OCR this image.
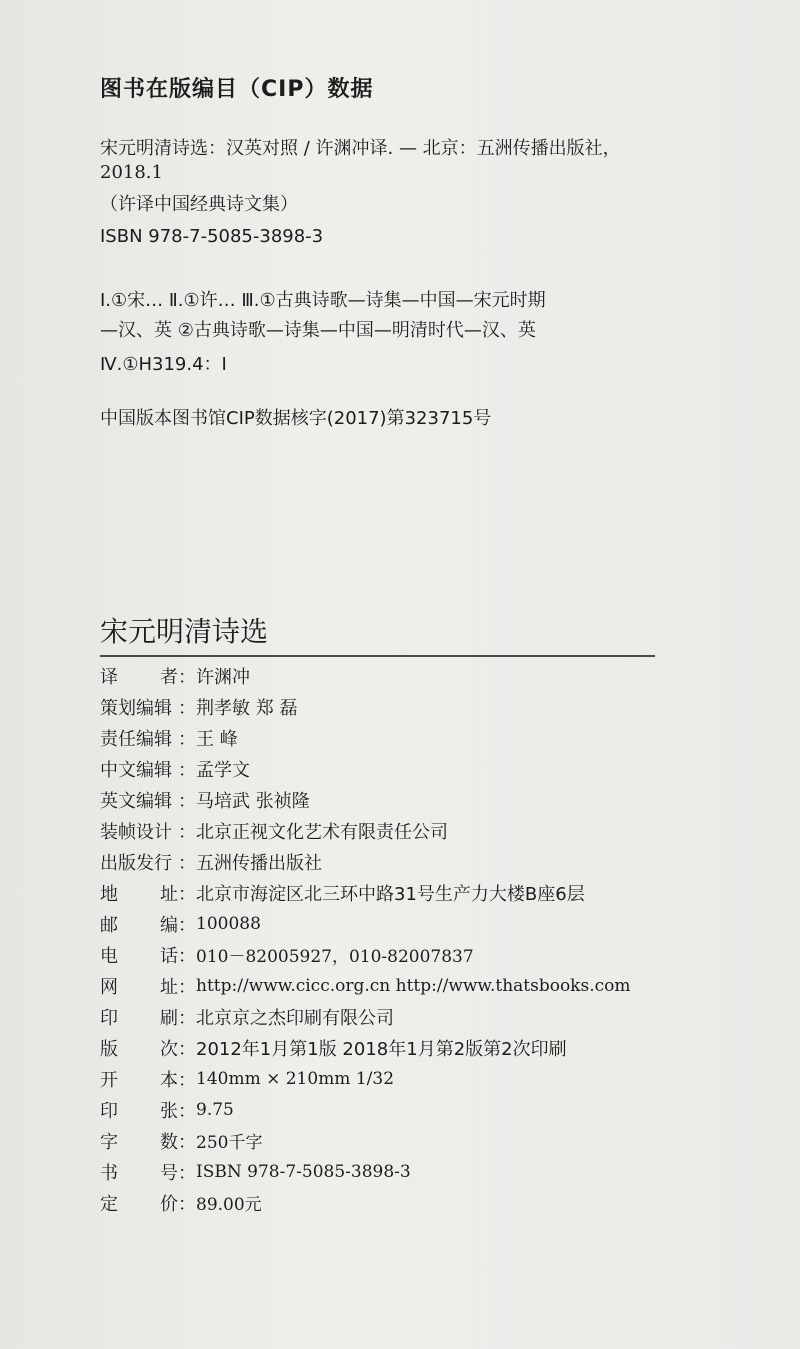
图书在版编目（CIP）数据
宋元明清诗选：汉英对照 / 许渊冲译. — 北京：五洲传播出版社，
2018.1
（许译中国经典诗文集）
ISBN 978-7-5085-3898-3
Ⅰ.①宋… Ⅱ.①许… Ⅲ.①古典诗歌—诗集—中国—宋元时期
—汉、英 ②古典诗歌—诗集—中国—明清时代—汉、英
Ⅳ.①H319.4：Ⅰ
中国版本图书馆CIP数据核字(2017)第323715号
宋元明清诗选
译 者 ： 许渊冲
策划编辑 ： 荆孝敏 郑 磊
责任编辑 ： 王 峰
中文编辑 ： 孟学文
英文编辑 ： 马培武 张祯隆
装帧设计 ： 北京正视文化艺术有限责任公司
出版发行 ： 五洲传播出版社
地 址 ： 北京市海淀区北三环中路31号生产力大楼B座6层
邮 编 ： 100088
电 话 ： 010－82005927，010-82007837
网 址 ： http://www.cicc.org.cn http://www.thatsbooks.com
印 刷 ： 北京京之杰印刷有限公司
版 次 ： 2012年1月第1版 2018年1月第2版第2次印刷
开 本 ： 140mm × 210mm 1/32
印 张 ： 9.75
字 数 ： 250千字
书 号 ： ISBN 978-7-5085-3898-3
定 价 ： 89.00元
